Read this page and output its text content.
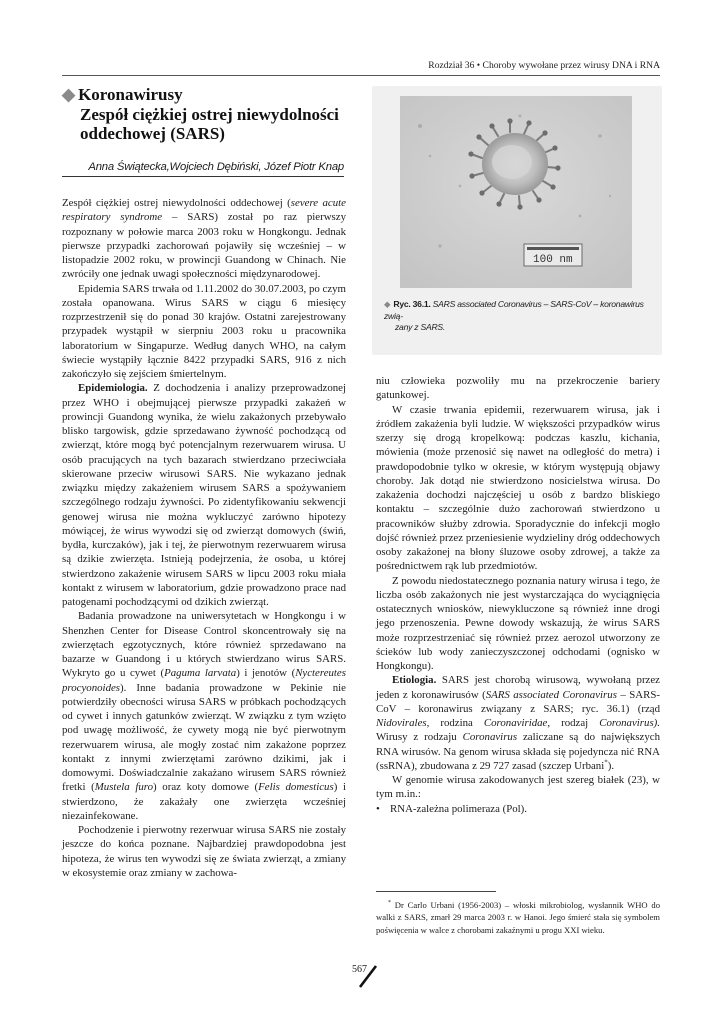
Rozdział 36 • Choroby wywołane przez wirusy DNA i RNA
◆ Koronawirusy
Zespół ciężkiej ostrej niewydolności
oddechowej (SARS)
Anna Świątecka,Wojciech Dębiński, Józef Piotr Knap
100 nm
◆ Ryc. 36.1. SARS associated Coronavirus – SARS-CoV – koronawirus zwią-
zany z SARS.

Zespół ciężkiej ostrej niewydolności oddechowej (severe acute respiratory syndrome – SARS) został po raz pierwszy rozpoznany w połowie marca 2003 roku w Hongkongu. Jednak pierwsze przypadki zachorowań pojawiły się wcześniej – w listopadzie 2002 roku, w prowincji Guandong w Chinach. Nie zwróciły one jednak uwagi społeczności międzynarodowej.

Epidemia SARS trwała od 1.11.2002 do 30.07.2003, po czym została opanowana. Wirus SARS w ciągu 6 miesięcy rozprzestrzenił się do ponad 30 krajów. Ostatni zarejestrowany przypadek wystąpił w sierpniu 2003 roku u pracownika laboratorium w Singapurze. Według danych WHO, na całym świecie wystąpiły łącznie 8422 przypadki SARS, 916 z nich zakończyło się zejściem śmiertelnym.

Epidemiologia. Z dochodzenia i analizy przeprowadzonej przez WHO i obejmującej pierwsze przypadki zakażeń w prowincji Guandong wynika, że wielu zakażonych przebywało blisko targowisk, gdzie sprzedawano żywność pochodzącą od zwierząt, które mogą być potencjalnym rezerwuarem wirusa. U osób pracujących na tych bazarach stwierdzano przeciwciała skierowane przeciw wirusowi SARS. Nie wykazano jednak związku między zakażeniem wirusem SARS a spożywaniem szczególnego rodzaju żywności. Po zidentyfikowaniu sekwencji genowej wirusa nie można wykluczyć zarówno hipotezy mówiącej, że wirus wywodzi się od zwierząt domowych (świń, bydła, kurczaków), jak i tej, że pierwotnym rezerwuarem wirusa są dzikie zwierzęta. Istnieją podejrzenia, że osoba, u której stwierdzono zakażenie wirusem SARS w lipcu 2003 roku miała kontakt z wirusem w laboratorium, gdzie prowadzono prace nad patogenami pochodzącymi od dzikich zwierząt.

Badania prowadzone na uniwersytetach w Hongkongu i w Shenzhen Center for Disease Control skoncentrowały się na zwierzętach egzotycznych, które również sprzedawano na bazarze w Guandong i u których stwierdzano wirus SARS. Wykryto go u cywet (Paguma larvata) i jenotów (Nyctereutes procyonoides). Inne badania prowadzone w Pekinie nie potwierdziły obecności wirusa SARS w próbkach pochodzących od cywet i innych gatunków zwierząt. W związku z tym wzięto pod uwagę możliwość, że cywety mogą nie być pierwotnym rezerwuarem wirusa, ale mogły zostać nim zakażone poprzez kontakt z innymi zwierzętami zarówno dzikimi, jak i domowymi. Doświadczalnie zakażano wirusem SARS również fretki (Mustela furo) oraz koty domowe (Felis domesticus) i stwierdzono, że zakażały one zwierzęta wcześniej niezainfekowane.

Pochodzenie i pierwotny rezerwuar wirusa SARS nie zostały jeszcze do końca poznane. Najbardziej prawdopodobna jest hipoteza, że wirus ten wywodzi się ze świata zwierząt, a zmiany w ekosystemie oraz zmiany w zachowa-

niu człowieka pozwoliły mu na przekroczenie bariery gatunkowej.

W czasie trwania epidemii, rezerwuarem wirusa, jak i źródłem zakażenia byli ludzie. W większości przypadków wirus szerzy się drogą kropelkową: podczas kaszlu, kichania, mówienia (może przenosić się nawet na odległość do metra) i prawdopodobnie tylko w okresie, w którym występują objawy choroby. Jak dotąd nie stwierdzono nosicielstwa wirusa. Do zakażenia dochodzi najczęściej u osób z bardzo bliskiego kontaktu – szczególnie dużo zachorowań stwierdzono u pracowników służby zdrowia. Sporadycznie do infekcji mogło dojść również przez przeniesienie wydzieliny dróg oddechowych osoby zakażonej na błony śluzowe osoby zdrowej, a także za pośrednictwem rąk lub przedmiotów.

Z powodu niedostatecznego poznania natury wirusa i tego, że liczba osób zakażonych nie jest wystarczająca do wyciągnięcia ostatecznych wniosków, niewykluczone są również inne drogi jego przenoszenia. Pewne dowody wskazują, że wirus SARS może rozprzestrzeniać się również przez aerozol utworzony ze ścieków lub wody zanieczyszczonej odchodami (ognisko w Hongkongu).

Etiologia. SARS jest chorobą wirusową, wywołaną przez jeden z koronawirusów (SARS associated Coronavirus – SARS-CoV – koronawirus związany z SARS; ryc. 36.1) (rząd Nidovirales, rodzina Coronaviridae, rodzaj Coronavirus). Wirusy z rodzaju Coronavirus zaliczane są do największych RNA wirusów. Na genom wirusa składa się pojedyncza nić RNA (ssRNA), zbudowana z 29 727 zasad (szczep Urbani*).

W genomie wirusa zakodowanych jest szereg białek (23), w tym m.in.:

• RNA-zależna polimeraza (Pol).
* Dr Carlo Urbani (1956-2003) – włoski mikrobiolog, wysłannik WHO do walki z SARS, zmarł 29 marca 2003 r. w Hanoi. Jego śmierć stała się symbolem poświęcenia w walce z chorobami zakaźnymi u progu XXI wieku.
567
